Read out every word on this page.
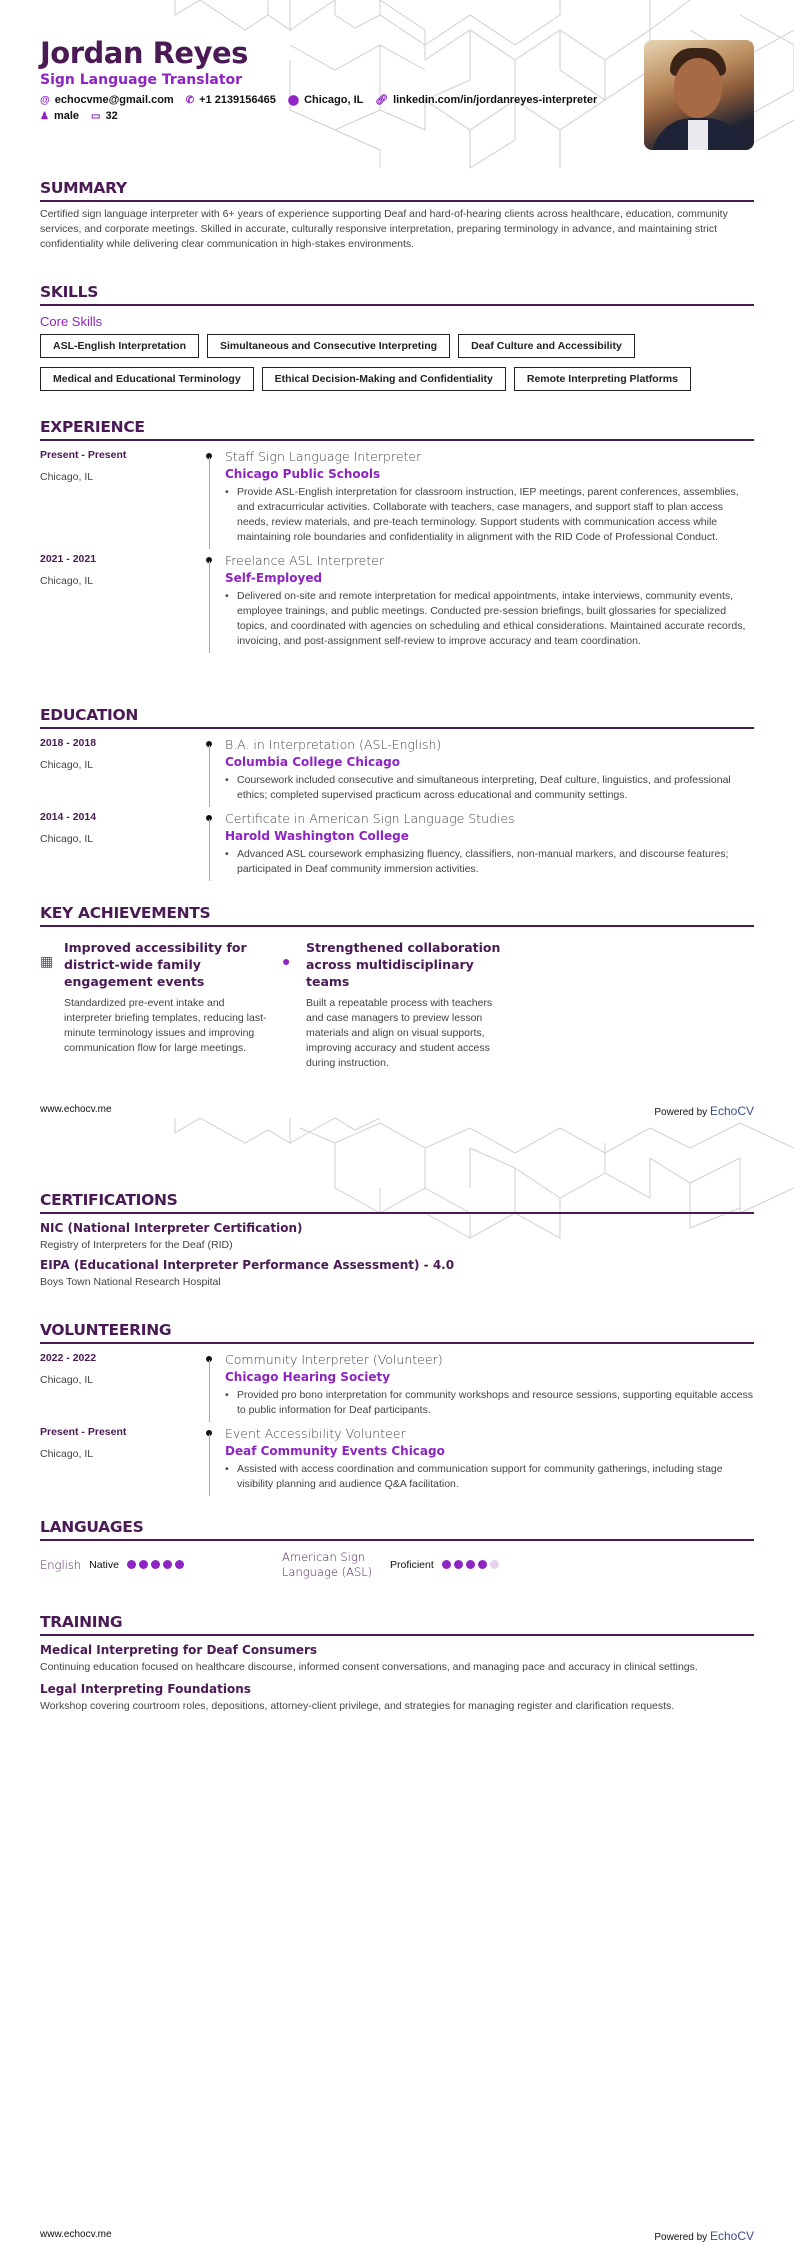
Jordan Reyes
Sign Language Translator
@ echocvme@gmail.com ✆ +1 2139156465 ⬤ Chicago, IL 🔗︎ linkedin.com/in/jordanreyes-interpreter
♟ male ▭ 32
SUMMARY
Certified sign language interpreter with 6+ years of experience supporting Deaf and hard-of-hearing clients across healthcare, education, community services, and corporate meetings. Skilled in accurate, culturally responsive interpretation, preparing terminology in advance, and maintaining strict confidentiality while delivering clear communication in high-stakes environments.
SKILLS
Core Skills
ASL-English Interpretation	Simultaneous and Consecutive Interpreting	Deaf Culture and Accessibility
Medical and Educational Terminology	Ethical Decision-Making and Confidentiality	Remote Interpreting Platforms
EXPERIENCE
Present - Present
Chicago, IL
Staff Sign Language Interpreter
Chicago Public Schools
• Provide ASL-English interpretation for classroom instruction, IEP meetings, parent conferences, assemblies, and extracurricular activities. Collaborate with teachers, case managers, and support staff to plan access needs, review materials, and pre-teach terminology. Support students with communication access while maintaining role boundaries and confidentiality in alignment with the RID Code of Professional Conduct.
2021 - 2021
Chicago, IL
Freelance ASL Interpreter
Self-Employed
• Delivered on-site and remote interpretation for medical appointments, intake interviews, community events, employee trainings, and public meetings. Conducted pre-session briefings, built glossaries for specialized topics, and coordinated with agencies on scheduling and ethical considerations. Maintained accurate records, invoicing, and post-assignment self-review to improve accuracy and team coordination.
EDUCATION
2018 - 2018
Chicago, IL
B.A. in Interpretation (ASL-English)
Columbia College Chicago
• Coursework included consecutive and simultaneous interpreting, Deaf culture, linguistics, and professional ethics; completed supervised practicum across educational and community settings.
2014 - 2014
Chicago, IL
Certificate in American Sign Language Studies
Harold Washington College
• Advanced ASL coursework emphasizing fluency, classifiers, non-manual markers, and discourse features; participated in Deaf community immersion activities.
KEY ACHIEVEMENTS
▦
Improved accessibility for district-wide family engagement events
Standardized pre-event intake and interpreter briefing templates, reducing last-minute terminology issues and improving communication flow for large meetings.
●
Strengthened collaboration across multidisciplinary teams
Built a repeatable process with teachers and case managers to preview lesson materials and align on visual supports, improving accuracy and student access during instruction.
www.echocv.me	Powered by EchoCV
CERTIFICATIONS
NIC (National Interpreter Certification)
Registry of Interpreters for the Deaf (RID)
EIPA (Educational Interpreter Performance Assessment) - 4.0
Boys Town National Research Hospital
VOLUNTEERING
2022 - 2022
Chicago, IL
Community Interpreter (Volunteer)
Chicago Hearing Society
• Provided pro bono interpretation for community workshops and resource sessions, supporting equitable access to public information for Deaf participants.
Present - Present
Chicago, IL
Event Accessibility Volunteer
Deaf Community Events Chicago
• Assisted with access coordination and communication support for community gatherings, including stage visibility planning and audience Q&A facilitation.
LANGUAGES
English Native
American Sign Language (ASL)	Proficient
TRAINING
Medical Interpreting for Deaf Consumers
Continuing education focused on healthcare discourse, informed consent conversations, and managing pace and accuracy in clinical settings.
Legal Interpreting Foundations
Workshop covering courtroom roles, depositions, attorney-client privilege, and strategies for managing register and clarification requests.
www.echocv.me	Powered by EchoCV
